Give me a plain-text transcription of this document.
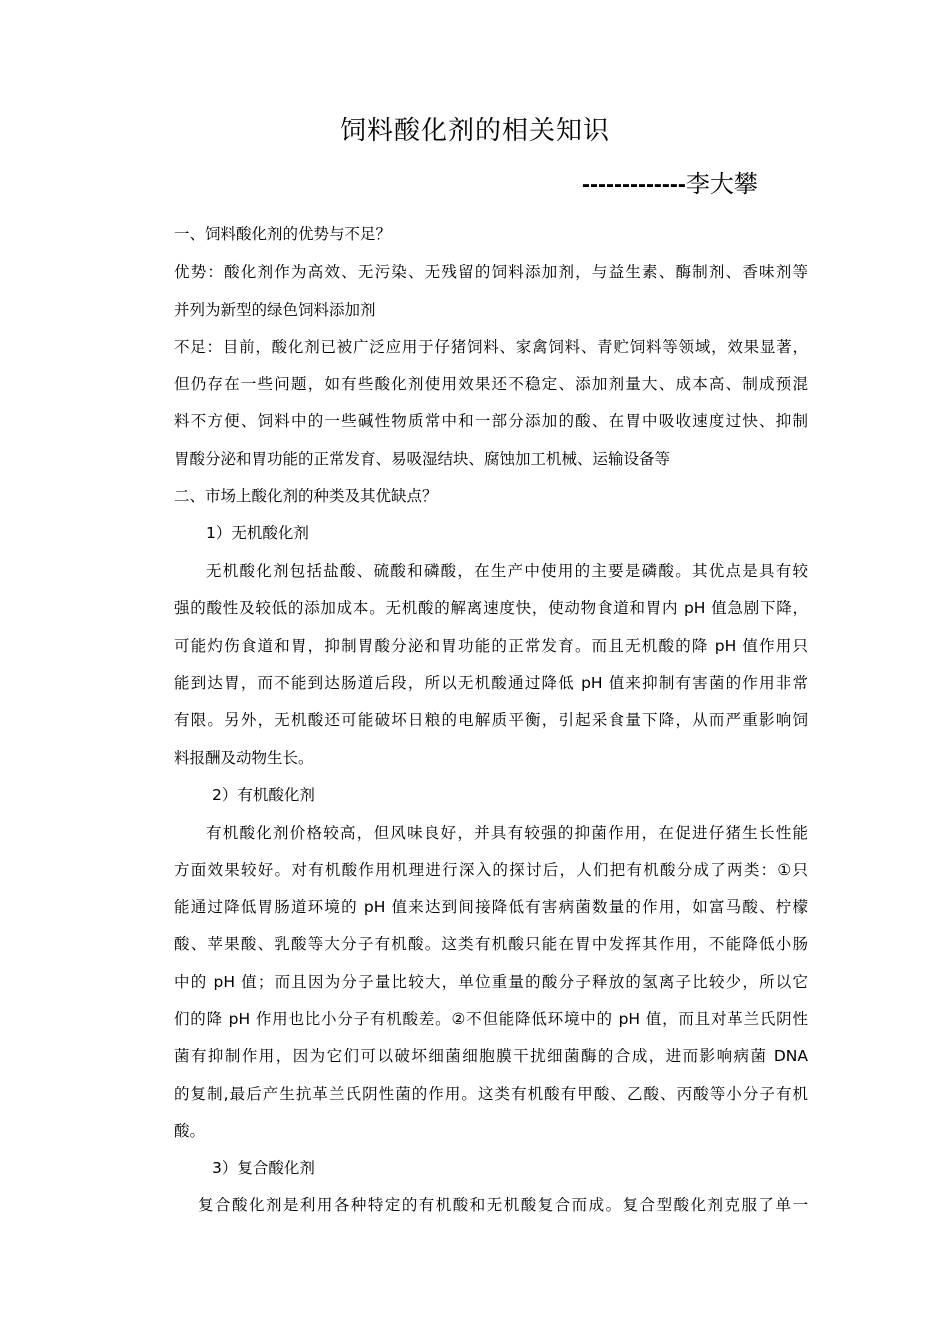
饲料酸化剂的相关知识
-------------李大攀
一、饲料酸化剂的优势与不足？
优势：酸化剂作为高效、无污染、无残留的饲料添加剂，与益生素、酶制剂、香味剂等
并列为新型的绿色饲料添加剂
不足：目前，酸化剂已被广泛应用于仔猪饲料、家禽饲料、青贮饲料等领域，效果显著，
但仍存在一些问题，如有些酸化剂使用效果还不稳定、添加剂量大、成本高、制成预混
料不方便、饲料中的一些碱性物质常中和一部分添加的酸、在胃中吸收速度过快、抑制
胃酸分泌和胃功能的正常发育、易吸湿结块、腐蚀加工机械、运输设备等
二、市场上酸化剂的种类及其优缺点？
1）无机酸化剂
无机酸化剂包括盐酸、硫酸和磷酸，在生产中使用的主要是磷酸。其优点是具有较
强的酸性及较低的添加成本。无机酸的解离速度快，使动物食道和胃内 pH 值急剧下降，
可能灼伤食道和胃，抑制胃酸分泌和胃功能的正常发育。而且无机酸的降 pH 值作用只
能到达胃，而不能到达肠道后段，所以无机酸通过降低 pH 值来抑制有害菌的作用非常
有限。另外，无机酸还可能破坏日粮的电解质平衡，引起采食量下降，从而严重影响饲
料报酬及动物生长。
2）有机酸化剂
有机酸化剂价格较高，但风味良好，并具有较强的抑菌作用，在促进仔猪生长性能
方面效果较好。对有机酸作用机理进行深入的探讨后，人们把有机酸分成了两类：①只
能通过降低胃肠道环境的 pH 值来达到间接降低有害病菌数量的作用，如富马酸、柠檬
酸、苹果酸、乳酸等大分子有机酸。这类有机酸只能在胃中发挥其作用，不能降低小肠
中的 pH 值；而且因为分子量比较大，单位重量的酸分子释放的氢离子比较少，所以它
们的降 pH 作用也比小分子有机酸差。②不但能降低环境中的 pH 值，而且对革兰氏阴性
菌有抑制作用，因为它们可以破坏细菌细胞膜干扰细菌酶的合成，进而影响病菌 DNA
的复制,最后产生抗革兰氏阴性菌的作用。这类有机酸有甲酸、乙酸、丙酸等小分子有机
酸。
3）复合酸化剂
复合酸化剂是利用各种特定的有机酸和无机酸复合而成。复合型酸化剂克服了单一
